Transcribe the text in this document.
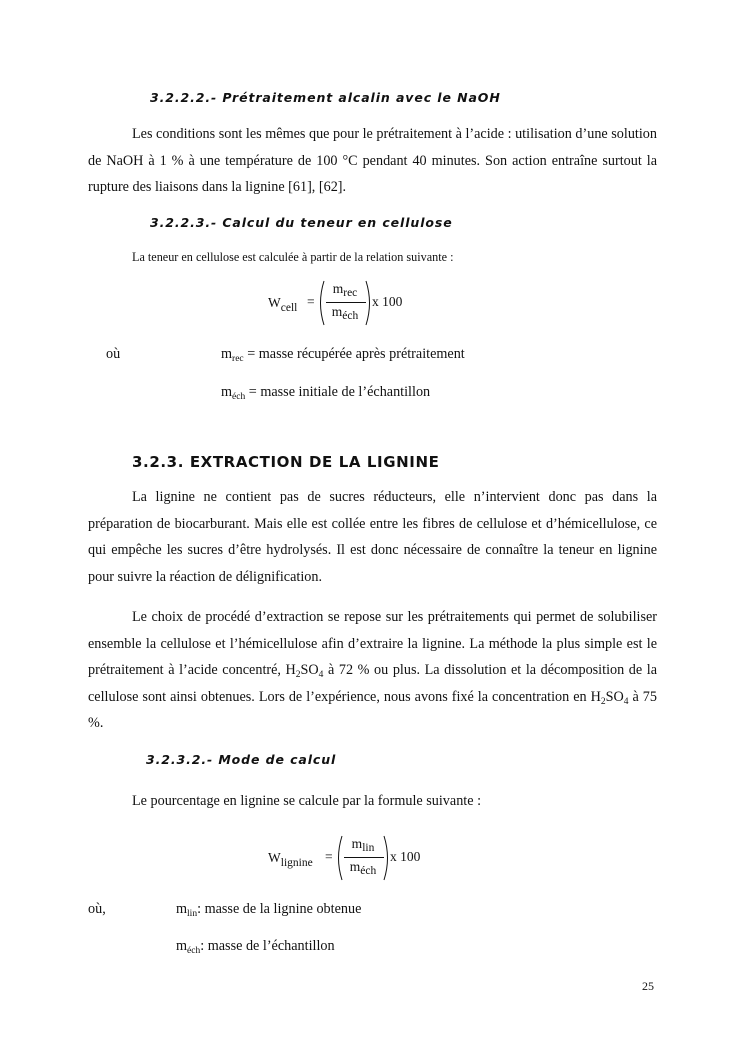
3.2.2.2.- Prétraitement alcalin avec le NaOH

Les conditions sont les mêmes que pour le prétraitement à l’acide : utilisation d’une solution de NaOH à 1 % à une température de 100 °C pendant 40 minutes. Son action entraîne surtout la rupture des liaisons dans la lignine [61], [62].

3.2.2.3.- Calcul du teneur en cellulose
La teneur en cellulose est calculée à partir de la relation suivante :
Wcell =
$m_{rec}$
$m_{éch}$
x 100
où	$m_{rec}$ = masse récupérée après prétraitement
$m_{éch}$ = masse initiale de l’échantillon
3.2.3. EXTRACTION DE LA LIGNINE

La lignine ne contient pas de sucres réducteurs, elle n’intervient donc pas dans la préparation de biocarburant. Mais elle est collée entre les fibres de cellulose et d’hémicellulose, ce qui empêche les sucres d’être hydrolysés. Il est donc nécessaire de connaître la teneur en lignine pour suivre la réaction de délignification.

Le choix de procédé d’extraction se repose sur les prétraitements qui permet de solubiliser ensemble la cellulose et l’hémicellulose afin d’extraire la lignine. La méthode la plus simple est le prétraitement à l’acide concentré, $H_2SO_4$ à 72 % ou plus. La dissolution et la décomposition de la cellulose sont ainsi obtenues. Lors de l’expérience, nous avons fixé la concentration en $H_2SO_4$ à 75 %.

3.2.3.2.- Mode de calcul
Le pourcentage en lignine se calcule par la formule suivante :
Wlignine =
$m_{lin}$
$m_{éch}$
x 100
où,	$m_{lin}$: masse de la lignine obtenue
$m_{éch}$: masse de l’échantillon
25
